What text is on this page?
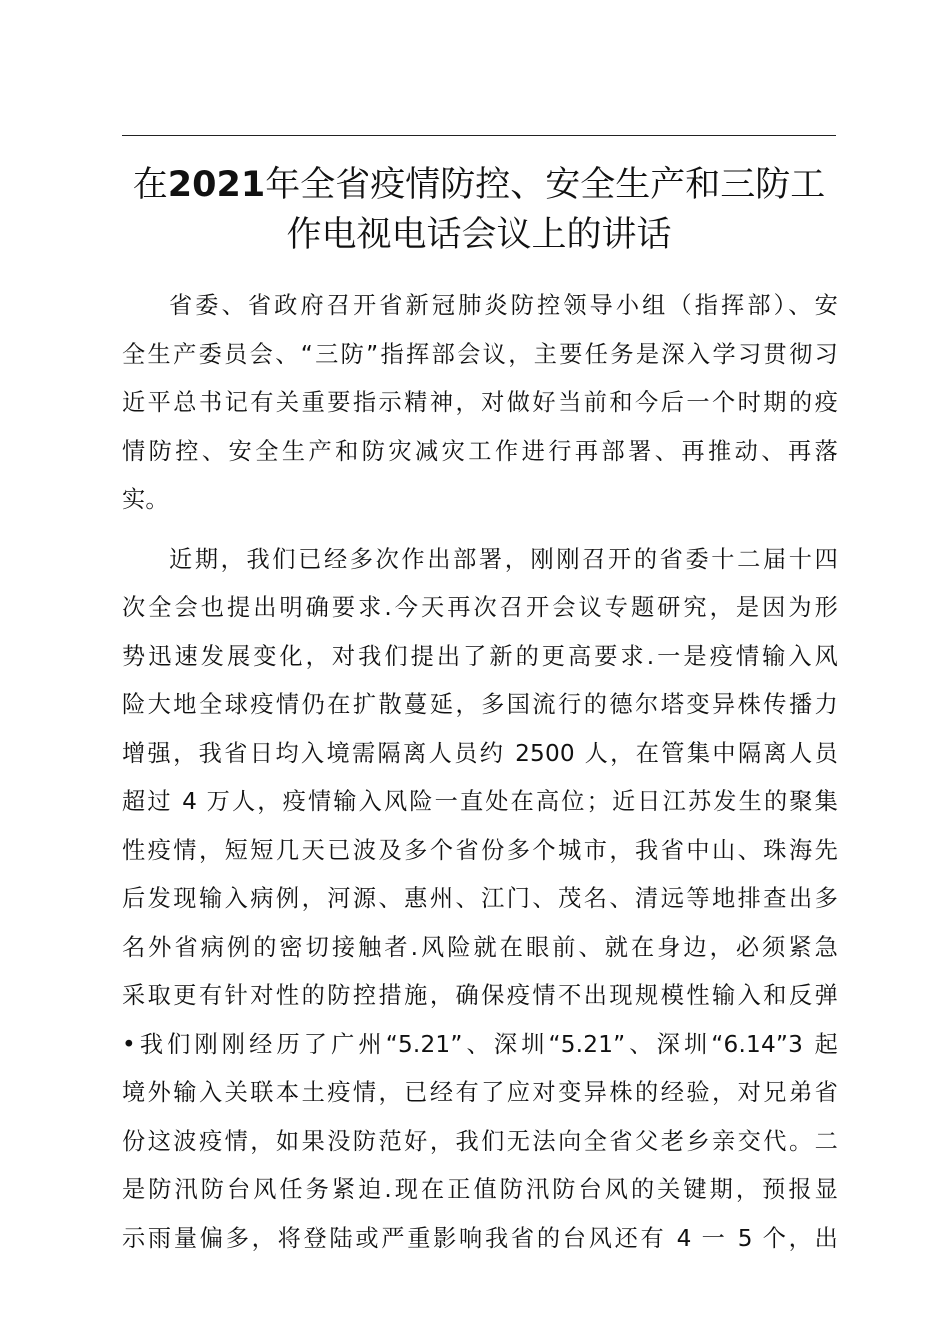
在2021年全省疫情防控、安全生产和三防工
作电视电话会议上的讲话
省委、省政府召开省新冠肺炎防控领导小组（指挥部）、安
全生产委员会、“三防”指挥部会议，主要任务是深入学习贯彻习
近平总书记有关重要指示精神，对做好当前和今后一个时期的疫
情防控、安全生产和防灾减灾工作进行再部署、再推动、再落
实。
近期，我们已经多次作出部署，刚刚召开的省委十二届十四
次全会也提出明确要求.今天再次召开会议专题研究，是因为形
势迅速发展变化，对我们提出了新的更高要求.一是疫情输入风
险大地全球疫情仍在扩散蔓延，多国流行的德尔塔变异株传播力
增强，我省日均入境需隔离人员约 2500 人，在管集中隔离人员
超过 4 万人，疫情输入风险一直处在高位；近日江苏发生的聚集
性疫情，短短几天已波及多个省份多个城市，我省中山、珠海先
后发现输入病例，河源、惠州、江门、茂名、清远等地排查出多
名外省病例的密切接触者.风险就在眼前、就在身边，必须紧急
采取更有针对性的防控措施，确保疫情不出现规模性输入和反弹
•我们刚刚经历了广州“5.21”、深圳“5.21”、深圳“6.14”3 起
境外输入关联本土疫情，已经有了应对变异株的经验，对兄弟省
份这波疫情，如果没防范好，我们无法向全省父老乡亲交代。二
是防汛防台风任务紧迫.现在正值防汛防台风的关键期，预报显
示雨量偏多，将登陆或严重影响我省的台风还有 4 一 5 个，出
